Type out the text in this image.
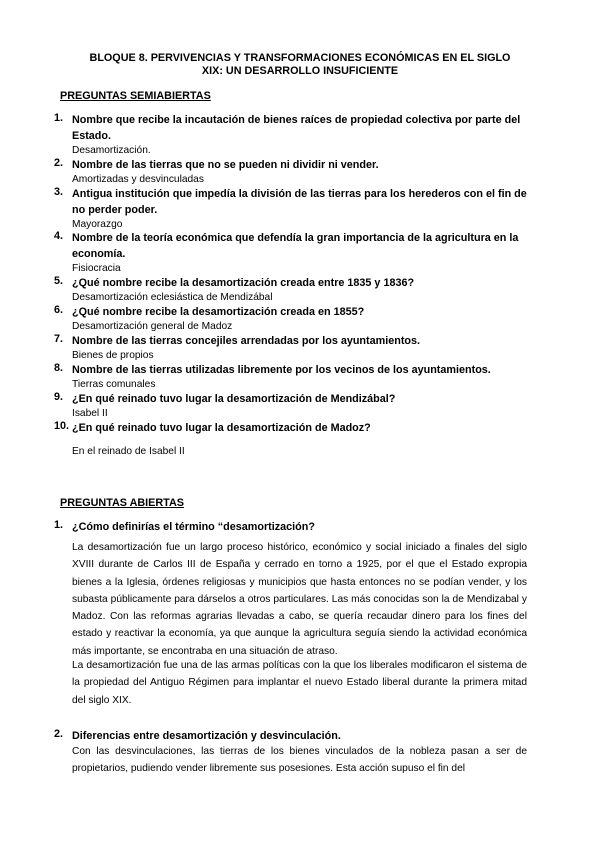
BLOQUE 8. PERVIVENCIAS Y TRANSFORMACIONES ECONÓMICAS EN EL SIGLO
XIX: UN DESARROLLO INSUFICIENTE
PREGUNTAS SEMIABIERTAS
1. Nombre que recibe la incautación de bienes raíces de propiedad colectiva por parte del Estado.
Desamortización.
2. Nombre de las tierras que no se pueden ni dividir ni vender.
Amortizadas y desvinculadas
3. Antigua institución que impedía la división de las tierras para los herederos con el fin de no perder poder.
Mayorazgo
4. Nombre de la teoría económica que defendía la gran importancia de la agricultura en la economía.
Fisiocracia
5. ¿Qué nombre recibe la desamortización creada entre 1835 y 1836?
Desamortización eclesiástica de Mendizábal
6. ¿Qué nombre recibe la desamortización creada en 1855?
Desamortización general de Madoz
7. Nombre de las tierras concejiles arrendadas por los ayuntamientos.
Bienes de propios
8. Nombre de las tierras utilizadas libremente por los vecinos de los ayuntamientos.
Tierras comunales
9. ¿En qué reinado tuvo lugar la desamortización de Mendizábal?
Isabel II
10. ¿En qué reinado tuvo lugar la desamortización de Madoz?
En el reinado de Isabel II
PREGUNTAS ABIERTAS
1. ¿Cómo definirías el término “desamortización?
La desamortización fue un largo proceso histórico, económico y social iniciado a finales del siglo XVIII durante de Carlos III de España y cerrado en torno a 1925, por el que el Estado expropia bienes a la Iglesia, órdenes religiosas y municipios que hasta entonces no se podían vender, y los subasta públicamente para dárselos a otros particulares. Las más conocidas son la de Mendizabal y Madoz. Con las reformas agrarias llevadas a cabo, se quería recaudar dinero para los fines del estado y reactivar la economía, ya que aunque la agricultura seguía siendo la actividad económica más importante, se encontraba en una situación de atraso.
La desamortización fue una de las armas políticas con la que los liberales modificaron el sistema de la propiedad del Antiguo Régimen para implantar el nuevo Estado liberal durante la primera mitad del siglo XIX.
2. Diferencias entre desamortización y desvinculación.
Con las desvinculaciones, las tierras de los bienes vinculados de la nobleza pasan a ser de propietarios, pudiendo vender libremente sus posesiones. Esta acción supuso el fin del
